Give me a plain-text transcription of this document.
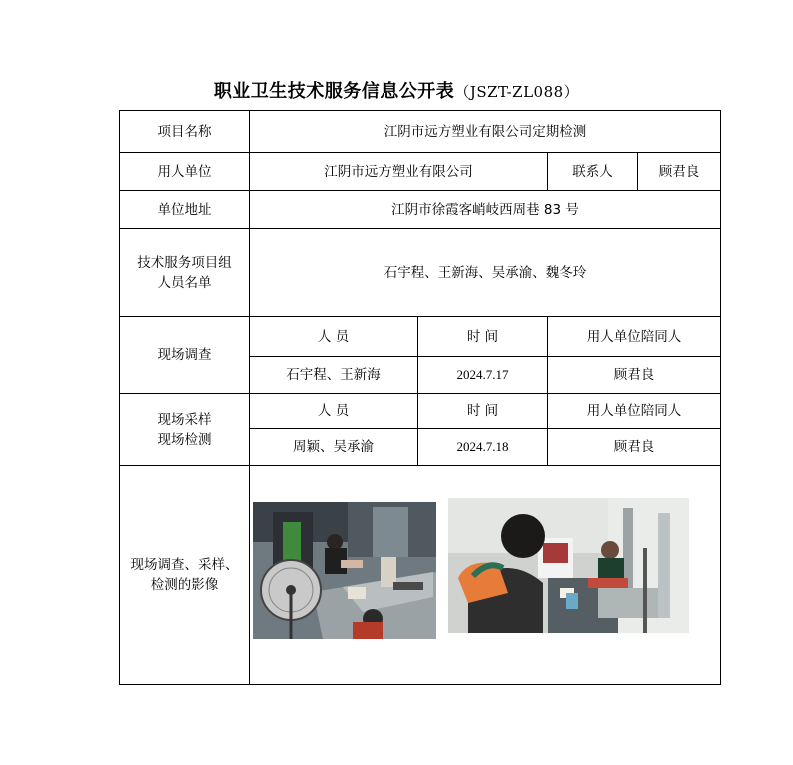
职业卫生技术服务信息公开表（JSZT-ZL088）
项目名称	江阴市远方塑业有限公司定期检测			
用人单位	江阴市远方塑业有限公司		联系人	顾君良
单位地址	江阴市徐霞客峭岐西周巷 83 号			

技术服务项目组
人员名单	石宇程、王新海、吴承渝、魏冬玲			
现场调查	人 员	时 间	用人单位陪同人	
	石宇程、王新海	2024.7.17	顾君良	

现场采样
现场检测	人 员	时 间	用人单位陪同人	
	周颖、吴承渝	2024.7.18	顾君良	

现场调查、采样、
检测的影像
